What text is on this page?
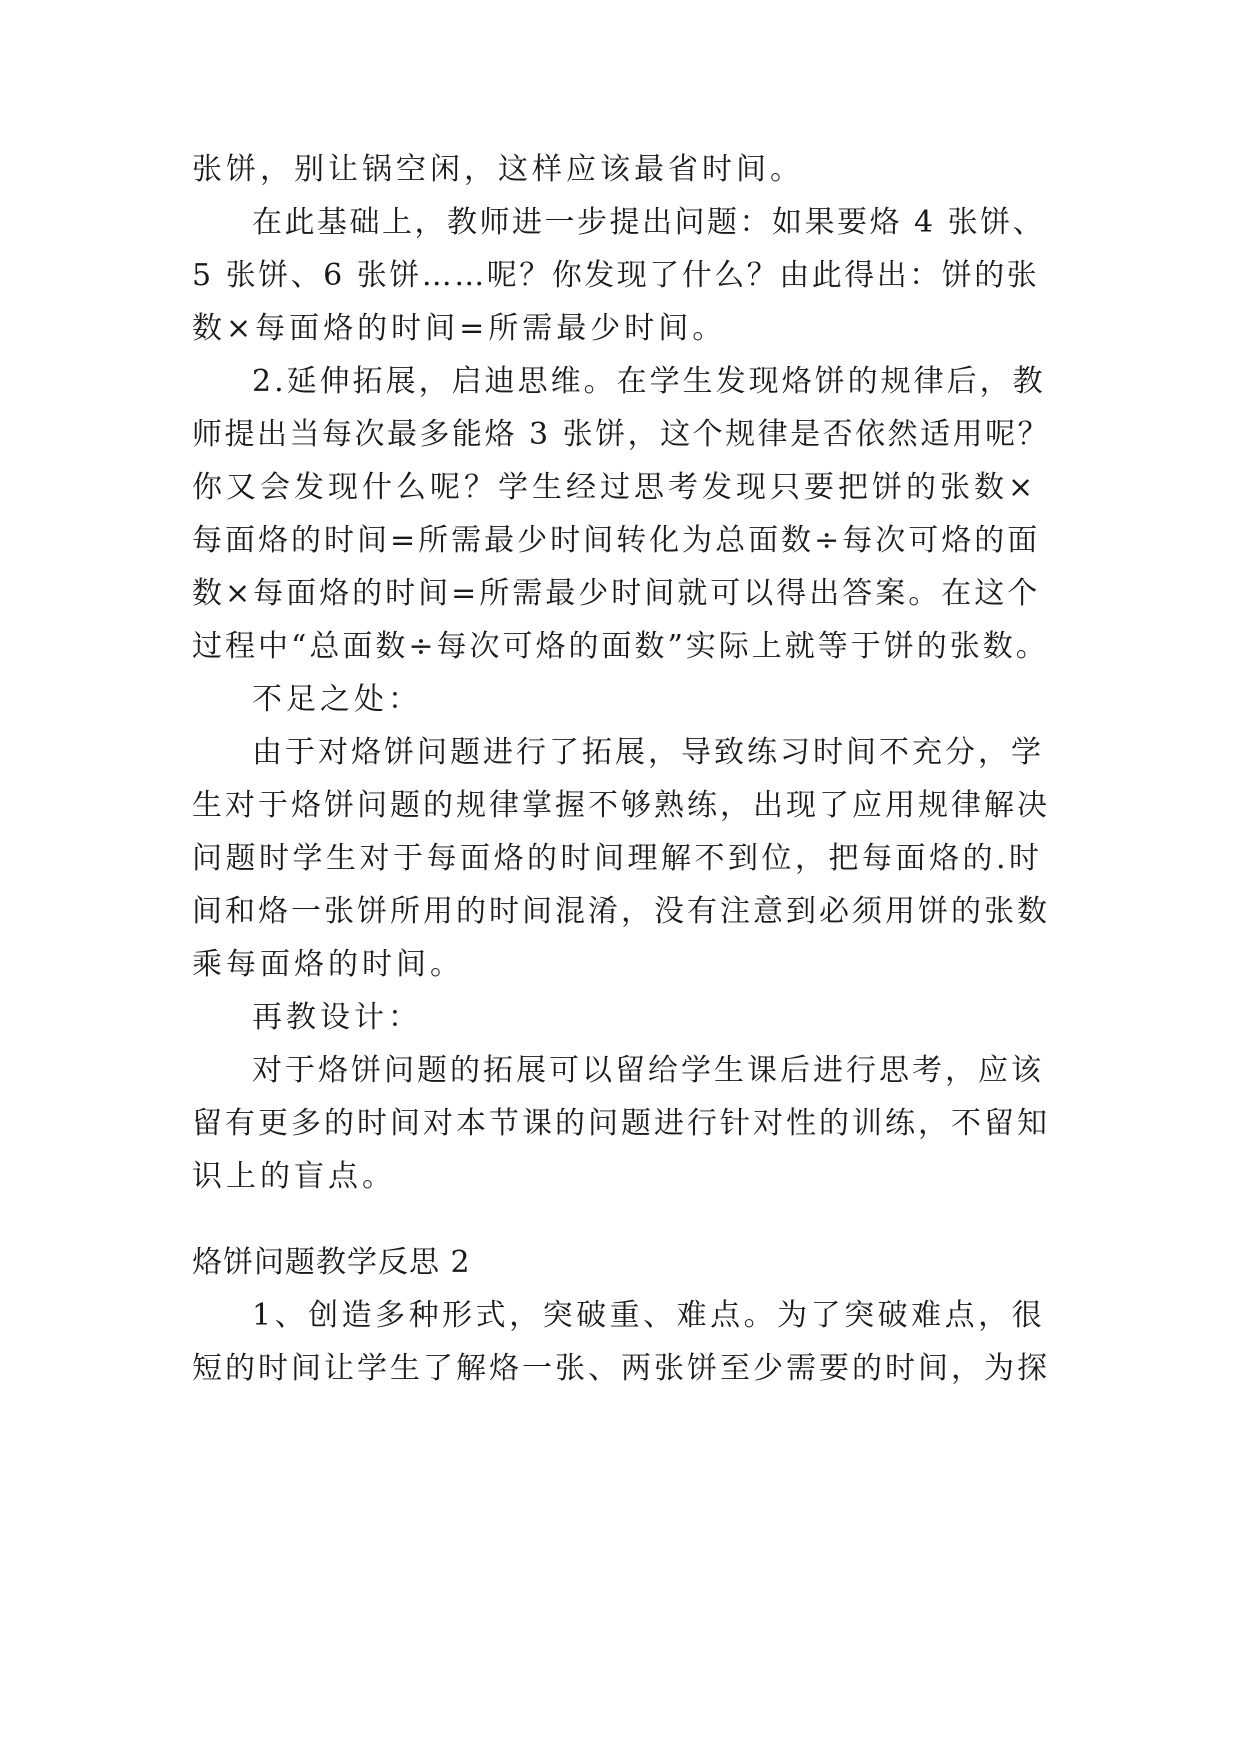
张饼，别让锅空闲，这样应该最省时间。
在此基础上，教师进一步提出问题：如果要烙 4 张饼、
5 张饼、6 张饼……呢？你发现了什么？由此得出：饼的张
数×每面烙的时间=所需最少时间。
2.延伸拓展，启迪思维。在学生发现烙饼的规律后，教
师提出当每次最多能烙 3 张饼，这个规律是否依然适用呢？
你又会发现什么呢？学生经过思考发现只要把饼的张数×
每面烙的时间=所需最少时间转化为总面数÷每次可烙的面
数×每面烙的时间=所需最少时间就可以得出答案。在这个
过程中“总面数÷每次可烙的面数”实际上就等于饼的张数。
不足之处：
由于对烙饼问题进行了拓展，导致练习时间不充分，学
生对于烙饼问题的规律掌握不够熟练，出现了应用规律解决
问题时学生对于每面烙的时间理解不到位，把每面烙的.时
间和烙一张饼所用的时间混淆，没有注意到必须用饼的张数
乘每面烙的时间。
再教设计：
对于烙饼问题的拓展可以留给学生课后进行思考，应该
留有更多的时间对本节课的问题进行针对性的训练，不留知
识上的盲点。
烙饼问题教学反思 2
1、创造多种形式，突破重、难点。为了突破难点，很
短的时间让学生了解烙一张、两张饼至少需要的时间，为探
